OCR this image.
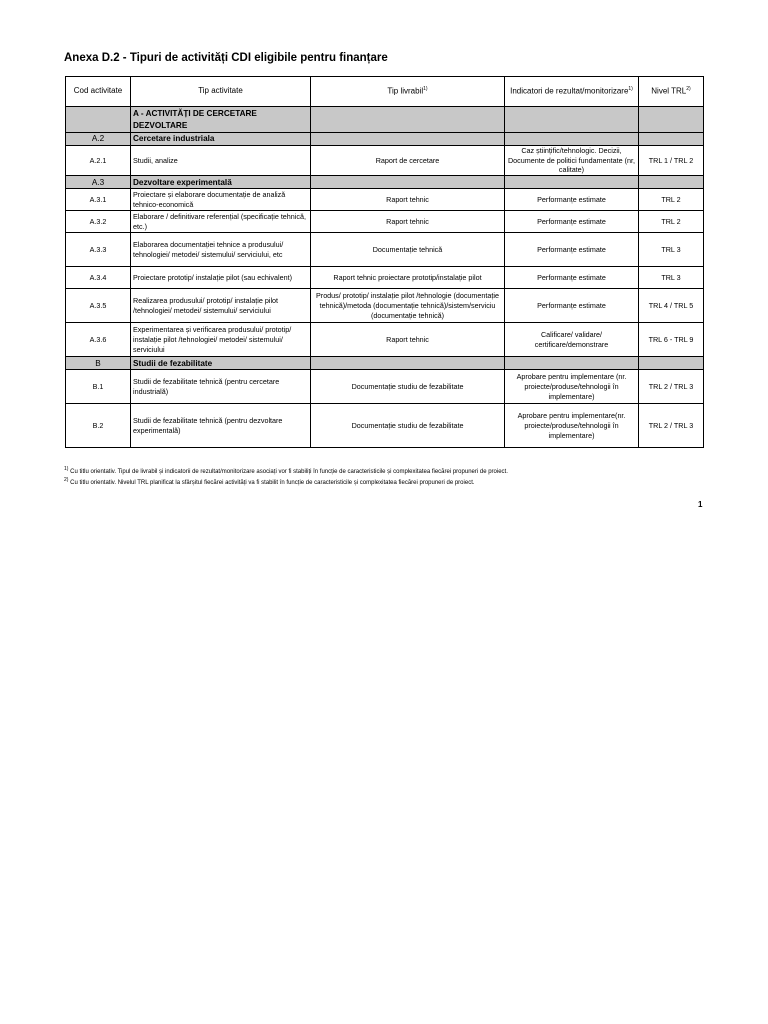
Anexa D.2 - Tipuri de activități CDI eligibile pentru finanțare
Cod activitate	Tip activitate	Tip livrabil$^{1)}$	Indicatori de rezultat/monitorizare$^{1)}$	Nivel TRL$^{2)}$
	A - ACTIVITĂȚI DE CERCETARE DEZVOLTARE			
A.2	Cercetare industriala			
A.2.1	Studii, analize	Raport de cercetare	Caz științific/tehnologic. Decizii, Documente de politici fundamentate (nr, calitate)	TRL 1 / TRL 2
A.3	Dezvoltare experimentală			
A.3.1	Proiectare și elaborare documentație de analiză tehnico-economică	Raport tehnic	Performanțe estimate	TRL 2
A.3.2	Elaborare / definitivare referențial (specificație tehnică, etc.)	Raport tehnic	Performanțe estimate	TRL 2
A.3.3	Elaborarea documentației tehnice a produsului/ tehnologiei/ metodei/ sistemului/ serviciului, etc	Documentație tehnică	Performanțe estimate	TRL 3
A.3.4	Proiectare prototip/ instalație pilot (sau echivalent)	Raport tehnic proiectare prototip/instalație pilot	Performanțe estimate	TRL 3
A.3.5	Realizarea produsului/ prototip/ instalație pilot /tehnologiei/ metodei/ sistemului/ serviciului	Produs/ prototip/ instalație pilot /tehnologie (documentație tehnică)/metoda (documentație tehnică)/sistem/serviciu (documentație tehnică)	Performanțe estimate	TRL 4 / TRL 5
A.3.6	Experimentarea și verificarea produsului/ prototip/ instalație pilot /tehnologiei/ metodei/ sistemului/ serviciului	Raport tehnic	Calificare/ validare/ certificare/demonstrare	TRL 6 - TRL 9
B	Studii de fezabilitate			
B.1	Studii de fezabilitate tehnică (pentru cercetare industrială)	Documentație studiu de fezabilitate	Aprobare pentru implementare (nr. proiecte/produse/tehnologii în implementare)	TRL 2 / TRL 3
B.2	Studii de fezabilitate tehnică (pentru dezvoltare experimentală)	Documentație studiu de fezabilitate	Aprobare pentru implementare(nr. proiecte/produse/tehnologii în implementare)	TRL 2 / TRL 3
$^{1)}$ Cu titlu orientativ. Tipul de livrabil și indicatorii de rezultat/monitorizare asociați vor fi stabiliți în funcție de caracteristicile și complexitatea fiecărei propuneri de proiect.
$^{2)}$ Cu titlu orientativ. Nivelul TRL planificat la sfârșitul fiecărei activități va fi stabilit în funcție de caracteristicile și complexitatea fiecărei propuneri de proiect.
1
